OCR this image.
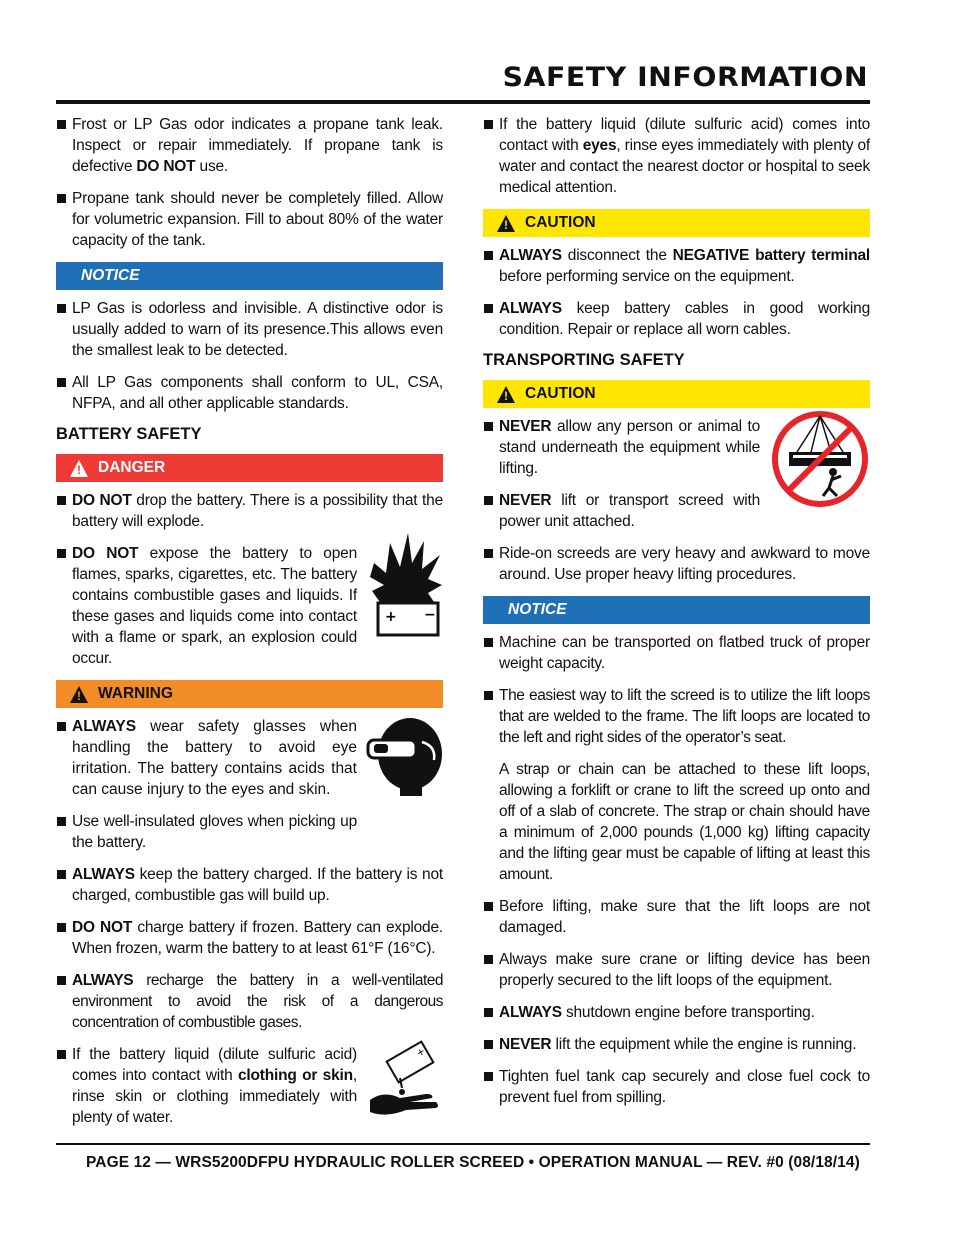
SAFETY INFORMATION
Frost or LP Gas odor indicates a propane tank leak. Inspect or repair immediately. If propane tank is defective DO NOT use.
Propane tank should never be completely filled. Allow for volumetric expansion. Fill to about 80% of the water capacity of the tank.
NOTICE
LP Gas is odorless and invisible. A distinctive odor is usually added to warn of its presence.This allows even the smallest leak to be detected.
All LP Gas components shall conform to UL, CSA, NFPA, and all other applicable standards.
BATTERY SAFETY
!
DANGER
DO NOT drop the battery. There is a possibility that the battery will explode.
DO NOT expose the battery to open flames, sparks, cigarettes, etc. The battery contains combustible gases and liquids. If these gases and liquids come into contact with a flame or spark, an explosion could occur.
+ −
!
WARNING
ALWAYS wear safety glasses when handling the battery to avoid eye irritation. The battery contains acids that can cause injury to the eyes and skin.
Use well-insulated gloves when picking up the battery.
ALWAYS keep the battery charged. If the battery is not charged, combustible gas will build up.
DO NOT charge battery if frozen. Battery can explode. When frozen, warm the battery to at least 61°F (16°C).
ALWAYS recharge the battery in a well-ventilated environment to avoid the risk of a dangerous concentration of combustible gases.
If the battery liquid (dilute sulfuric acid) comes into contact with clothing or skin, rinse skin or clothing immediately with plenty of water.
+
If the battery liquid (dilute sulfuric acid) comes into contact with eyes, rinse eyes immediately with plenty of water and contact the nearest doctor or hospital to seek medical attention.
!
CAUTION
ALWAYS disconnect the NEGATIVE battery terminal before performing service on the equipment.
ALWAYS keep battery cables in good working condition. Repair or replace all worn cables.
TRANSPORTING SAFETY
!
CAUTION
NEVER allow any person or animal to stand underneath the equipment while lifting.
NEVER lift or transport screed with power unit attached.
Ride-on screeds are very heavy and awkward to move around. Use proper heavy lifting procedures.
NOTICE
Machine can be transported on flatbed truck of proper weight capacity.
The easiest way to lift the screed is to utilize the lift loops that are welded to the frame. The lift loops are located to the left and right sides of the operator’s seat.
A strap or chain can be attached to these lift loops, allowing a forklift or crane to lift the screed up onto and off of a slab of concrete. The strap or chain should have a minimum of 2,000 pounds (1,000 kg) lifting capacity and the lifting gear must be capable of lifting at least this amount.
Before lifting, make sure that the lift loops are not damaged.
Always make sure crane or lifting device has been properly secured to the lift loops of the equipment.
ALWAYS shutdown engine before transporting.
NEVER lift the equipment while the engine is running.
Tighten fuel tank cap securely and close fuel cock to prevent fuel from spilling.
PAGE 12 — WRS5200DFPU HYDRAULIC ROLLER SCREED • OPERATION MANUAL — REV. #0 (08/18/14)
